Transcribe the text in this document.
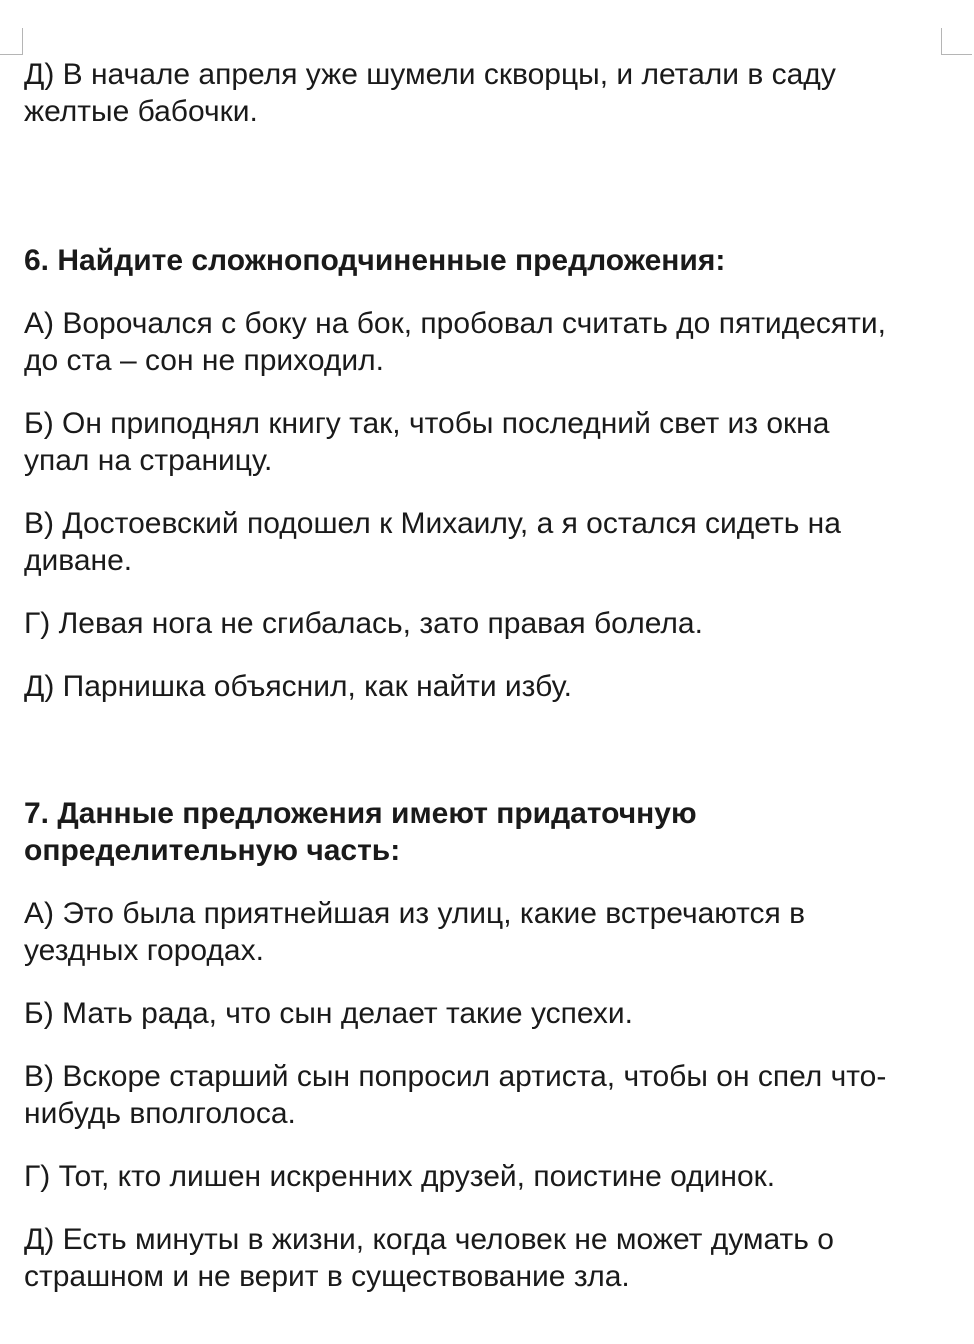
Д) В начале апреля уже шумели скворцы, и летали в саду
желтые бабочки.

6. Найдите сложноподчиненные предложения:

А) Ворочался с боку на бок, пробовал считать до пятидесяти,
до ста – сон не приходил.

Б) Он приподнял книгу так, чтобы последний свет из окна
упал на страницу.

В) Достоевский подошел к Михаилу, а я остался сидеть на
диване.

Г) Левая нога не сгибалась, зато правая болела.

Д) Парнишка объяснил, как найти избу.

7. Данные предложения имеют придаточную
определительную часть:

А) Это была приятнейшая из улиц, какие встречаются в
уездных городах.

Б) Мать рада, что сын делает такие успехи.

В) Вскоре старший сын попросил артиста, чтобы он спел что-
нибудь вполголоса.

Г) Тот, кто лишен искренних друзей, поистине одинок.

Д) Есть минуты в жизни, когда человек не может думать о
страшном и не верит в существование зла.
